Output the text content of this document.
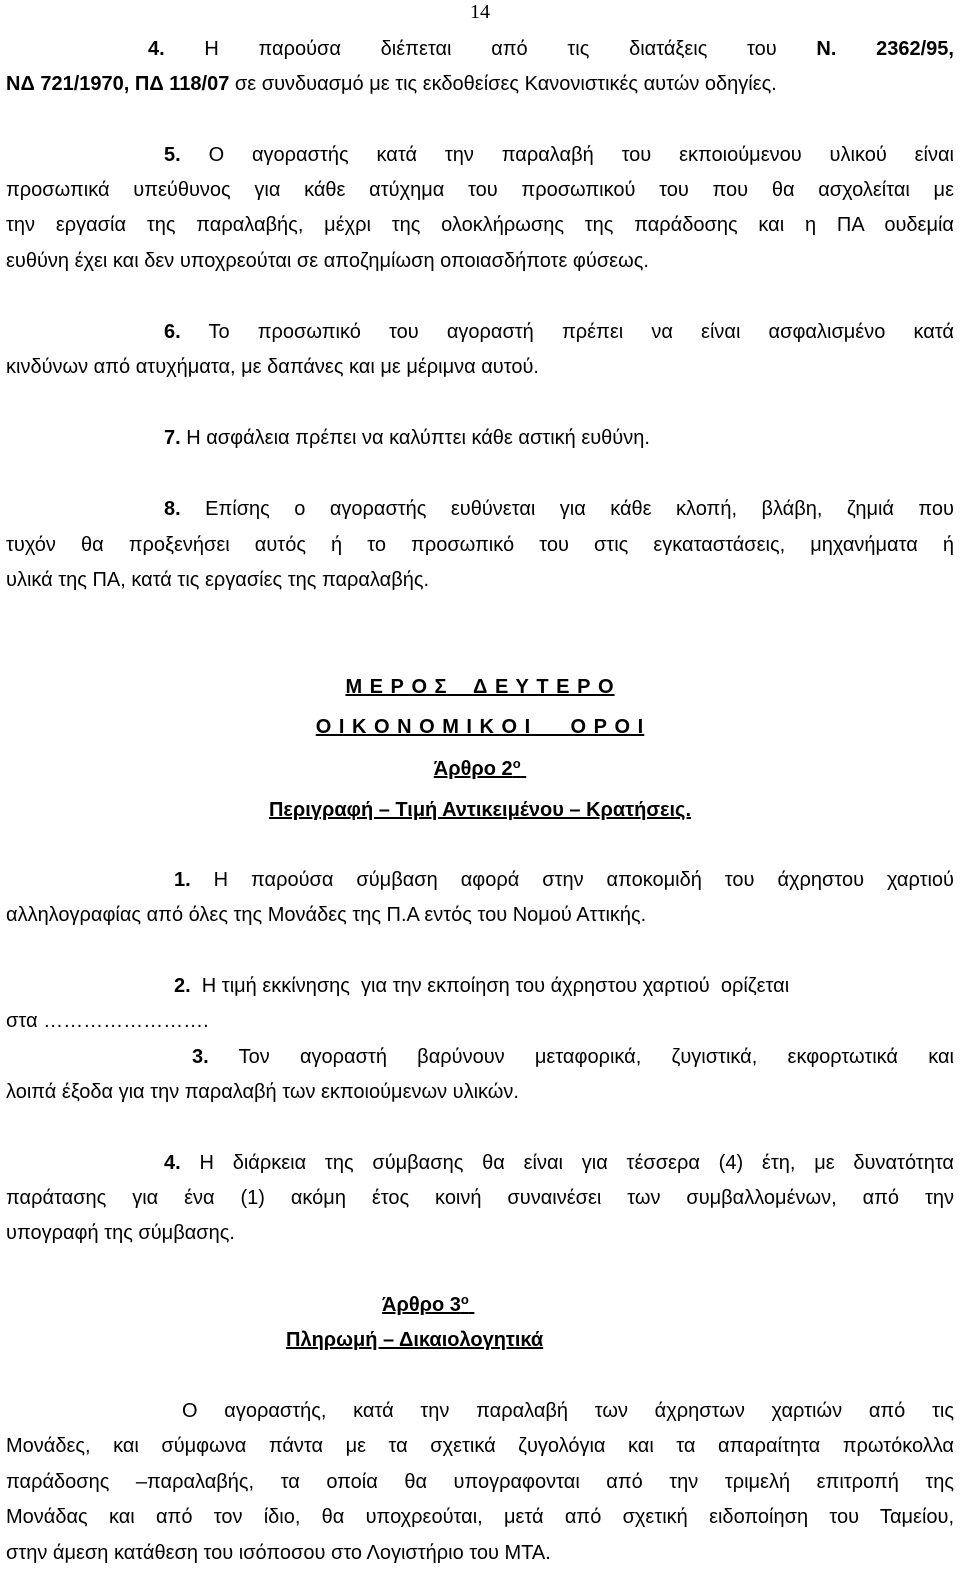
14
4. Η παρούσα διέπεται από τις διατάξεις του Ν. 2362/95,
ΝΔ 721/1970, ΠΔ 118/07 σε συνδυασμό με τις εκδοθείσες Κανονιστικές αυτών οδηγίες.
5. Ο αγοραστής κατά την παραλαβή του εκποιούμενου υλικού είναι
προσωπικά υπεύθυνος για κάθε ατύχημα του προσωπικού του που θα ασχολείται με
την εργασία της παραλαβής, μέχρι της ολοκλήρωσης της παράδοσης και η ΠΑ ουδεμία
ευθύνη έχει και δεν υποχρεούται σε αποζημίωση οποιασδήποτε φύσεως.
6. Το προσωπικό του αγοραστή πρέπει να είναι ασφαλισμένο κατά
κινδύνων από ατυχήματα, με δαπάνες και με μέριμνα αυτού.
7. Η ασφάλεια πρέπει να καλύπτει κάθε αστική ευθύνη.
8. Επίσης ο αγοραστής ευθύνεται για κάθε κλοπή, βλάβη, ζημιά που
τυχόν θα προξενήσει αυτός ή το προσωπικό του στις εγκαταστάσεις, μηχανήματα ή
υλικά της ΠΑ, κατά τις εργασίες της παραλαβής.
Μ Ε Ρ Ο Σ    Δ Ε Υ Τ Ε Ρ Ο
Ο Ι Κ Ο Ν Ο Μ Ι Κ Ο Ι      Ο Ρ Ο Ι
Άρθρο $2^o$
Περιγραφή – Τιμή Αντικειμένου – Κρατήσεις.
1. Η παρούσα σύμβαση αφορά στην αποκομιδή του άχρηστου χαρτιού
αλληλογραφίας από όλες της Μονάδες της Π.Α εντός του Νομού Αττικής.
2.  Η τιμή εκκίνησης  για την εκποίηση του άχρηστου χαρτιού  ορίζεται
στα …………………….
3. Τον αγοραστή βαρύνουν μεταφορικά, ζυγιστικά, εκφορτωτικά και
λοιπά έξοδα για την παραλαβή των εκποιούμενων υλικών.
4. Η διάρκεια της σύμβασης θα είναι για τέσσερα (4) έτη, με δυνατότητα
παράτασης για ένα (1) ακόμη έτος κοινή συναινέσει των συμβαλλομένων, από την
υπογραφή της σύμβασης.
Άρθρο $3^o$
Πληρωμή – Δικαιολογητικά
Ο αγοραστής, κατά την παραλαβή των άχρηστων χαρτιών από τις
Μονάδες, και σύμφωνα πάντα με τα σχετικά ζυγολόγια και τα απαραίτητα πρωτόκολλα
παράδοσης –παραλαβής, τα οποία θα υπογραφονται από την τριμελή επιτροπή της
Μονάδας και από τον ίδιο, θα υποχρεούται, μετά από σχετική ειδοποίηση του Ταμείου,
στην άμεση κατάθεση του ισόποσου στο Λογιστήριο του ΜΤΑ.
